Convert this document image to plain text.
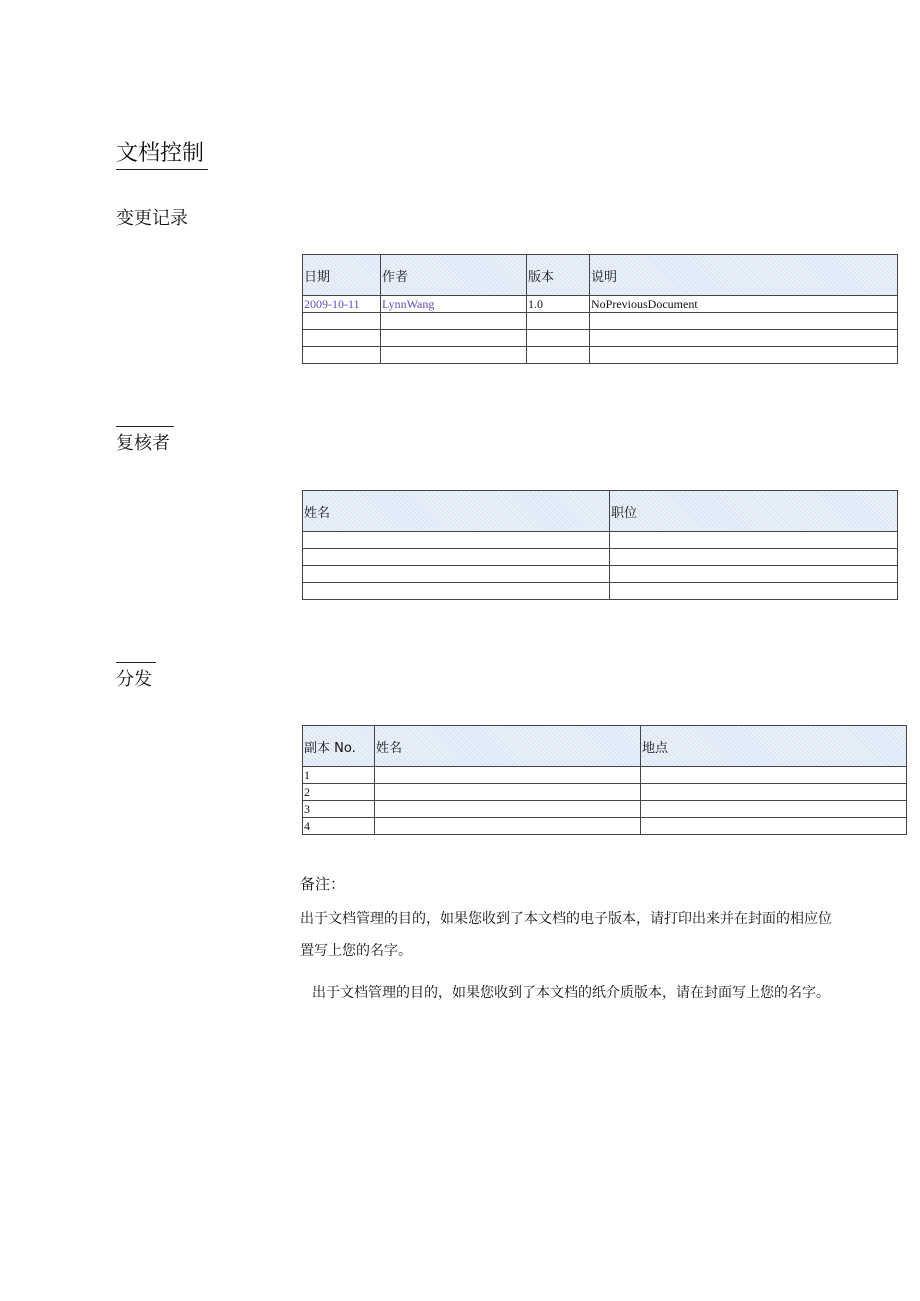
文档控制
变更记录
日期	作者	版本	说明
2009-10-11	LynnWang	1.0	NoPreviousDocument

复核者
姓名	职位

分发
副本 No.	姓名	地点
1		
2		
3		
4		
备注：
出于文档管理的目的，如果您收到了本文档的电子版本，请打印出来并在封面的相应位
置写上您的名字。
出于文档管理的目的，如果您收到了本文档的纸介质版本，请在封面写上您的名字。
